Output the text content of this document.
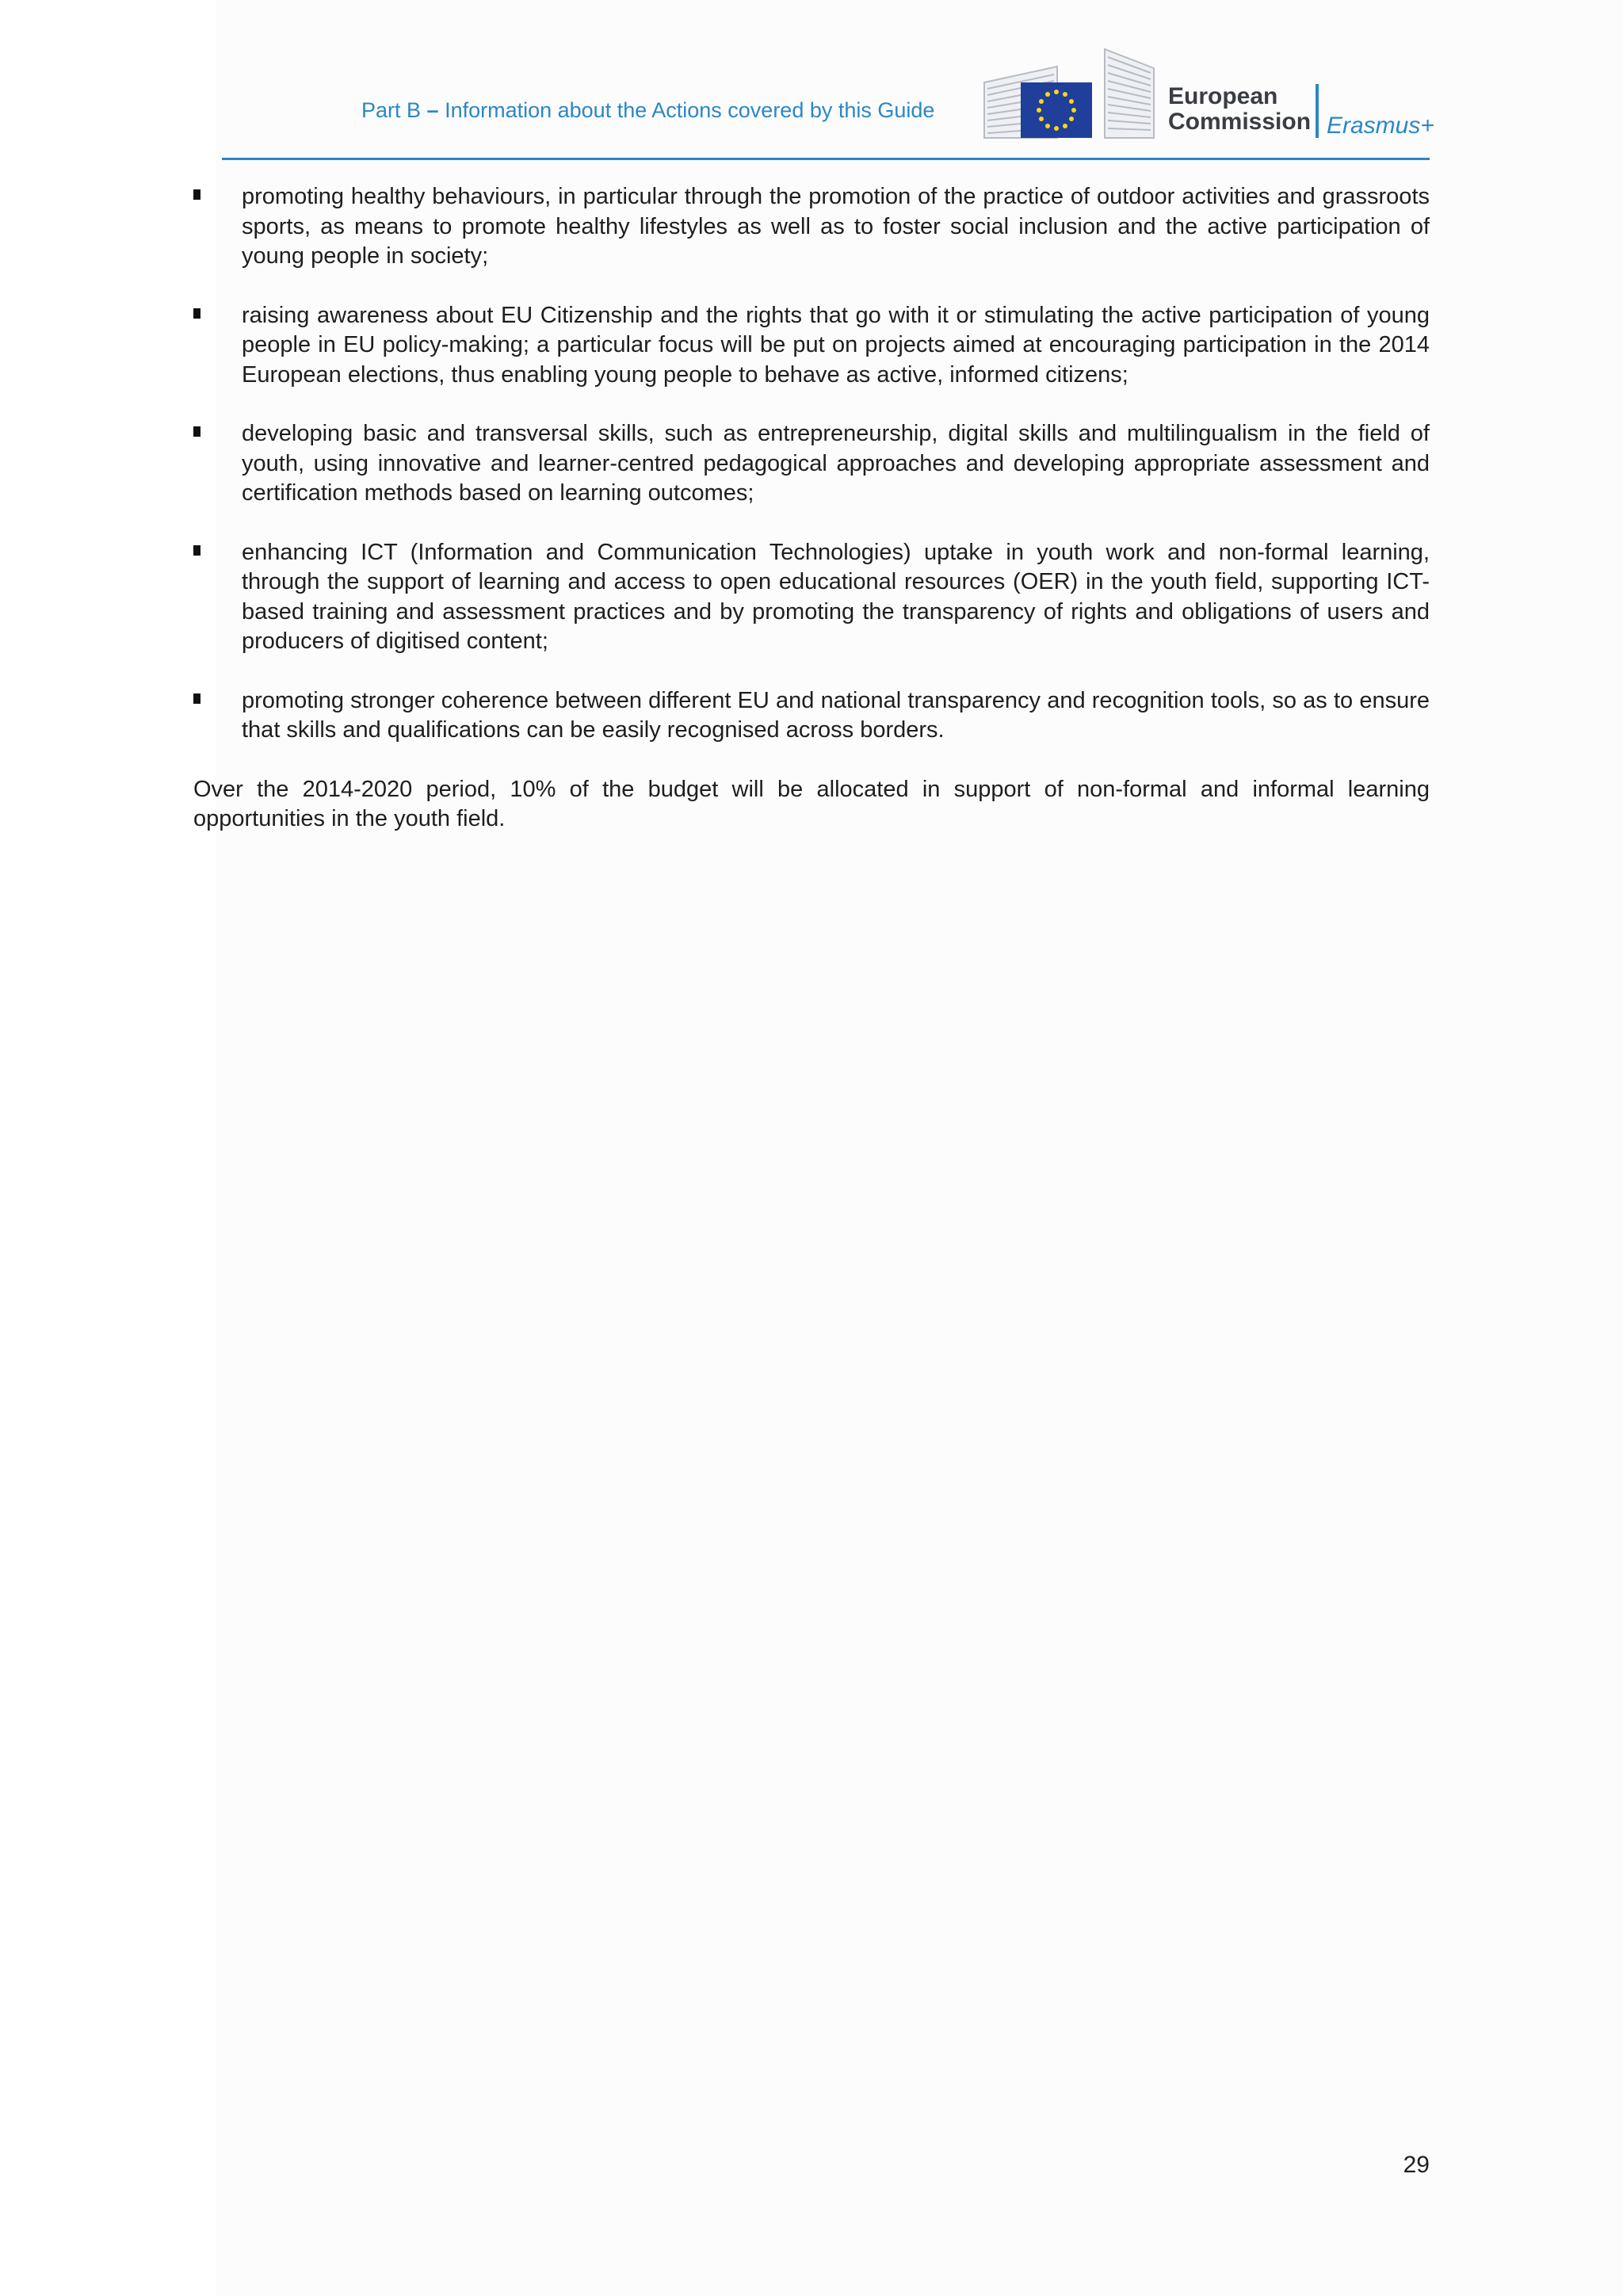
Part B – Information about the Actions covered by this Guide
European
Commission Erasmus+
promoting healthy behaviours, in particular through the promotion of the practice of outdoor activities and grassroots sports, as means to promote healthy lifestyles as well as to foster social inclusion and the active participation of young people in society;
raising awareness about EU Citizenship and the rights that go with it or stimulating the active participation of young people in EU policy-making; a particular focus will be put on projects aimed at encouraging participation in the 2014 European elections, thus enabling young people to behave as active, informed citizens;
developing basic and transversal skills, such as entrepreneurship, digital skills and multilingualism in the field of youth, using innovative and learner-centred pedagogical approaches and developing appropriate assessment and certification methods based on learning outcomes;
enhancing ICT (Information and Communication Technologies) uptake in youth work and non-formal learning, through the support of learning and access to open educational resources (OER) in the youth field, supporting ICT-based training and assessment practices and by promoting the transparency of rights and obligations of users and producers of digitised content;
promoting stronger coherence between different EU and national transparency and recognition tools, so as to ensure that skills and qualifications can be easily recognised across borders.

Over the 2014-2020 period, 10% of the budget will be allocated in support of non-formal and informal learning opportunities in the youth field.

29
